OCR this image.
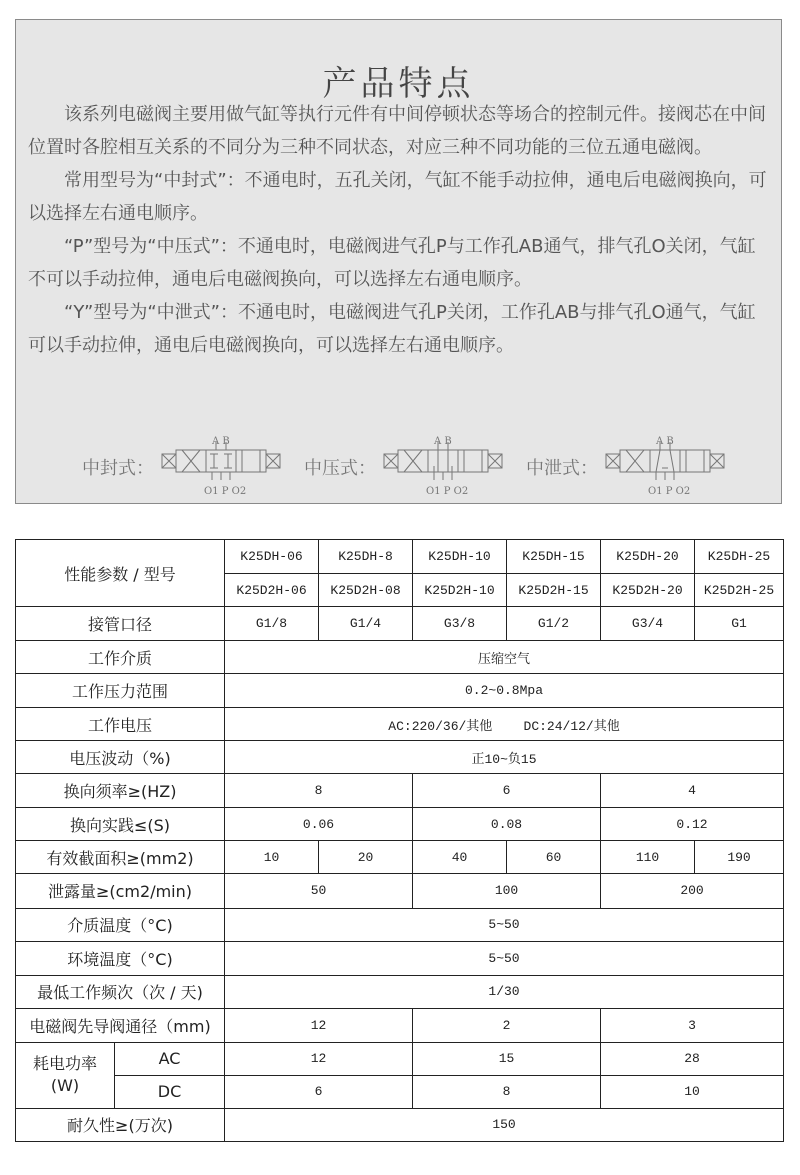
产品特点

该系列电磁阀主要用做气缸等执行元件有中间停顿状态等场合的控制元件。接阀芯在中间位置时各腔相互关系的不同分为三种不同状态，对应三种不同功能的三位五通电磁阀。

常用型号为“中封式”：不通电时，五孔关闭，气缸不能手动拉伸，通电后电磁阀换向，可以选择左右通电顺序。

“P”型号为“中压式”：不通电时，电磁阀进气孔P与工作孔AB通气，排气孔O关闭，气缸不可以手动拉伸，通电后电磁阀换向，可以选择左右通电顺序。

“Y”型号为“中泄式”：不通电时，电磁阀进气孔P关闭，工作孔AB与排气孔O通气，气缸可以手动拉伸，通电后电磁阀换向，可以选择左右通电顺序。

中封式：
A B
O1 P O2
中压式：
A B
O1 P O2
中泄式：
A B
O1 P O2
性能参数 / 型号		K25DH-06	K25DH-8	K25DH-10	K25DH-15	K25DH-20	K25DH-25
		K25D2H-06	K25D2H-08	K25D2H-10	K25D2H-15	K25D2H-20	K25D2H-25
接管口径		G1/8	G1/4	G3/8	G1/2	G3/4	G1
工作介质		压缩空气					
工作压力范围		0.2~0.8Mpa					
工作电压		AC:220/36/其他    DC:24/12/其他					
电压波动（%)		正10~负15					
换向须率≥(HZ)		8		6		4	
换向实践≤(S)		0.06		0.08		0.12	
有效截面积≥(mm2)		10	20	40	60	110	190
泄露量≥(cm2/min)		50		100		200	
介质温度（°C)		5~50					
环境温度（°C)		5~50					
最低工作频次（次 / 天)		1/30					
电磁阀先导阀通径（mm)		12		2		3	

耗电功率
(W)	AC	12		15		28	
	DC	6		8		10	
耐久性≥(万次)		150					
